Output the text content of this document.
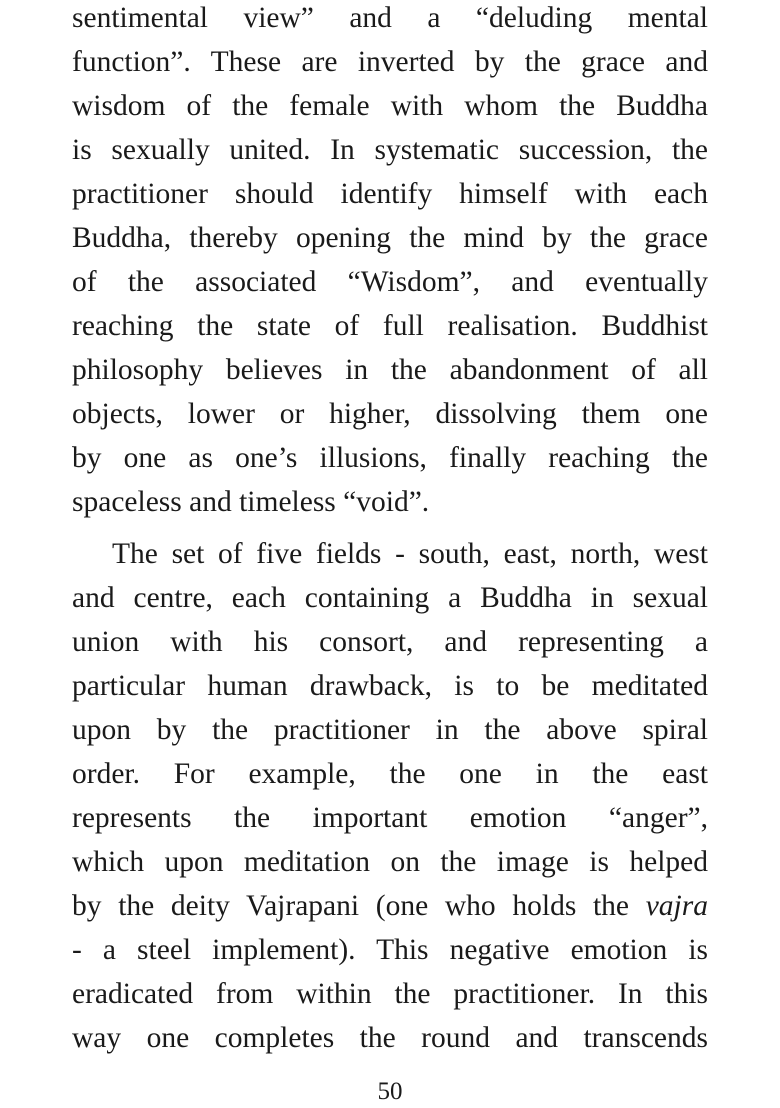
sentimental view” and a “deluding mental
function”. These are inverted by the grace and
wisdom of the female with whom the Buddha
is sexually united. In systematic succession, the
practitioner should identify himself with each
Buddha, thereby opening the mind by the grace
of the associated “Wisdom”, and eventually
reaching the state of full realisation. Buddhist
philosophy believes in the abandonment of all
objects, lower or higher, dissolving them one
by one as one’s illusions, finally reaching the
spaceless and timeless “void”.
The set of five fields - south, east, north, west
and centre, each containing a Buddha in sexual
union with his consort, and representing a
particular human drawback, is to be meditated
upon by the practitioner in the above spiral
order. For example, the one in the east
represents the important emotion “anger”,
which upon meditation on the image is helped
by the deity Vajrapani (one who holds the vajra
- a steel implement). This negative emotion is
eradicated from within the practitioner. In this
way one completes the round and transcends
50
